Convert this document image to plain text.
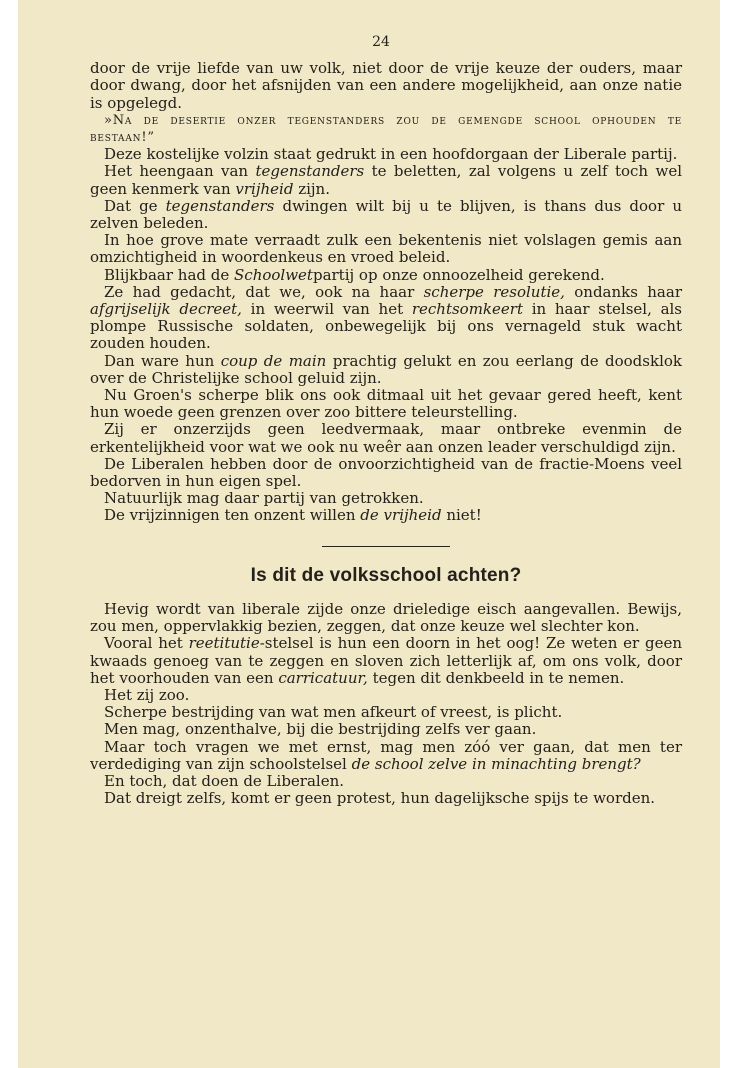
24

door de vrije liefde van uw volk, niet door de vrije keuze der ouders, maar door dwang, door het afsnijden van een andere mogelijkheid, aan onze natie is opgelegd.

»Na de desertie onzer tegenstanders zou de gemengde school ophouden te bestaan!”

Deze kostelijke volzin staat gedrukt in een hoofdorgaan der Liberale partij.

Het heengaan van tegenstanders te beletten, zal volgens u zelf toch wel geen kenmerk van vrijheid zijn.

Dat ge tegenstanders dwingen wilt bij u te blijven, is thans dus door u zelven beleden.

In hoe grove mate verraadt zulk een bekentenis niet volslagen gemis aan omzichtigheid in woordenkeus en vroed beleid.

Blijkbaar had de Schoolwetpartij op onze onnoozelheid gerekend.

Ze had gedacht, dat we, ook na haar scherpe resolutie, ondanks haar afgrijselijk decreet, in weerwil van het rechtsomkeert in haar stelsel, als plompe Russische soldaten, onbewegelijk bij ons vernageld stuk wacht zouden houden.

Dan ware hun coup de main prachtig gelukt en zou eerlang de doodsklok over de Christelijke school geluid zijn.

Nu Groen's scherpe blik ons ook ditmaal uit het gevaar gered heeft, kent hun woede geen grenzen over zoo bittere teleurstelling.

Zij er onzerzijds geen leedvermaak, maar ontbreke evenmin de erkentelijkheid voor wat we ook nu weêr aan onzen leader verschuldigd zijn.

De Liberalen hebben door de onvoorzichtigheid van de fractie-Moens veel bedorven in hun eigen spel.

Natuurlijk mag daar partij van getrokken.

De vrijzinnigen ten onzent willen de vrijheid niet!

Is dit de volksschool achten?

Hevig wordt van liberale zijde onze drieledige eisch aangevallen. Bewijs, zou men, oppervlakkig bezien, zeggen, dat onze keuze wel slechter kon.

Vooral het reetitutie-stelsel is hun een doorn in het oog! Ze weten er geen kwaads genoeg van te zeggen en sloven zich letterlijk af, om ons volk, door het voorhouden van een carricatuur, tegen dit denkbeeld in te nemen.

Het zij zoo.

Scherpe bestrijding van wat men afkeurt of vreest, is plicht.

Men mag, onzenthalve, bij die bestrijding zelfs ver gaan.

Maar toch vragen we met ernst, mag men zóó ver gaan, dat men ter verdediging van zijn schoolstelsel de school zelve in minachting brengt?

En toch, dat doen de Liberalen.

Dat dreigt zelfs, komt er geen protest, hun dagelijksche spijs te worden.
